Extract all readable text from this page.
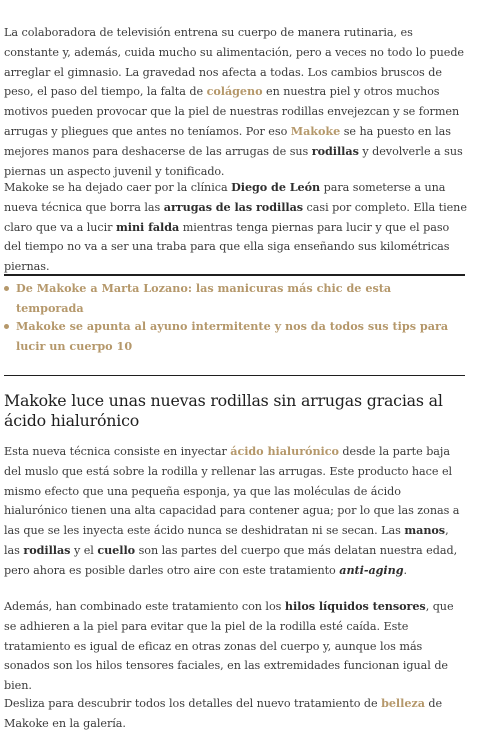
La colaboradora de televisión entrena su cuerpo de manera rutinaria, es constante y, además, cuida mucho su alimentación, pero a veces no todo lo puede arreglar el gimnasio. La gravedad nos afecta a todas. Los cambios bruscos de peso, el paso del tiempo, la falta de colágeno en nuestra piel y otros muchos motivos pueden provocar que la piel de nuestras rodillas envejezcan y se formen arrugas y pliegues que antes no teníamos. Por eso Makoke se ha puesto en las mejores manos para deshacerse de las arrugas de sus rodillas y devolverle a sus piernas un aspecto juvenil y tonificado.

Makoke se ha dejado caer por la clínica Diego de León para someterse a una nueva técnica que borra las arrugas de las rodillas casi por completo. Ella tiene claro que va a lucir mini falda mientras tenga piernas para lucir y que el paso del tiempo no va a ser una traba para que ella siga enseñando sus kilométricas piernas.

De Makoke a Marta Lozano: las manicuras más chic de esta temporada
Makoke se apunta al ayuno intermitente y nos da todos sus tips para lucir un cuerpo 10
Makoke luce unas nuevas rodillas sin arrugas gracias al ácido hialurónico

Esta nueva técnica consiste en inyectar ácido hialurónico desde la parte baja del muslo que está sobre la rodilla y rellenar las arrugas. Este producto hace el mismo efecto que una pequeña esponja, ya que las moléculas de ácido hialurónico tienen una alta capacidad para contener agua; por lo que las zonas a las que se les inyecta este ácido nunca se deshidratan ni se secan. Las manos, las rodillas y el cuello son las partes del cuerpo que más delatan nuestra edad, pero ahora es posible darles otro aire con este tratamiento anti-aging.

Además, han combinado este tratamiento con los hilos líquidos tensores, que se adhieren a la piel para evitar que la piel de la rodilla esté caída. Este tratamiento es igual de eficaz en otras zonas del cuerpo y, aunque los más sonados son los hilos tensores faciales, en las extremidades funcionan igual de bien.

Desliza para descubrir todos los detalles del nuevo tratamiento de belleza de Makoke en la galería.
